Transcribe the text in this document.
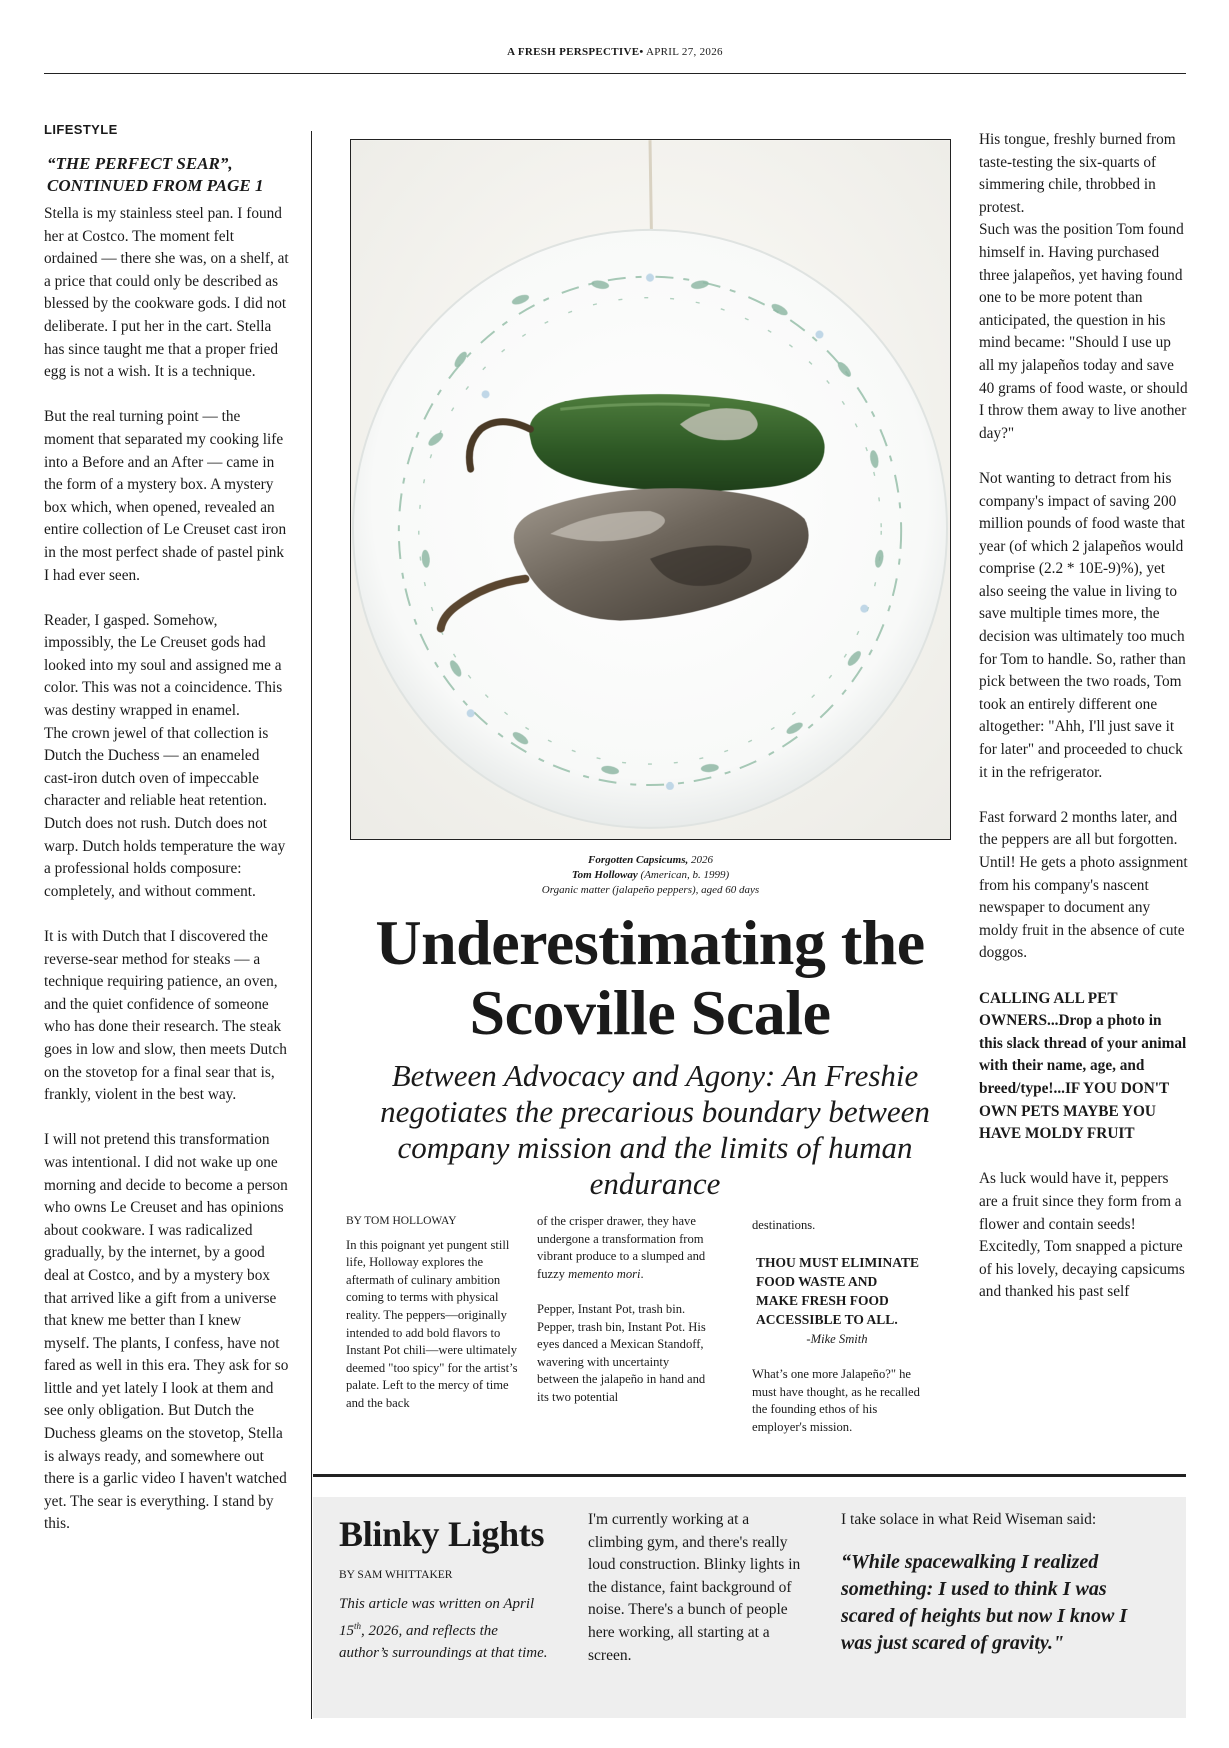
A FRESH PERSPECTIVE• APRIL 27, 2026
LIFESTYLE
“THE PERFECT SEAR”, CONTINUED FROM PAGE 1

Stella is my stainless steel pan. I found her at Costco. The moment felt ordained — there she was, on a shelf, at a price that could only be described as blessed by the cookware gods. I did not deliberate. I put her in the cart. Stella has since taught me that a proper fried egg is not a wish. It is a technique.

But the real turning point — the moment that separated my cooking life into a Before and an After — came in the form of a mystery box. A mystery box which, when opened, revealed an entire collection of Le Creuset cast iron in the most perfect shade of pastel pink I had ever seen.

Reader, I gasped. Somehow, impossibly, the Le Creuset gods had looked into my soul and assigned me a color. This was not a coincidence. This was destiny wrapped in enamel.

The crown jewel of that collection is Dutch the Duchess — an enameled cast-iron dutch oven of impeccable character and reliable heat retention. Dutch does not rush. Dutch does not warp. Dutch holds temperature the way a professional holds composure: completely, and without comment.

It is with Dutch that I discovered the reverse-sear method for steaks — a technique requiring patience, an oven, and the quiet confidence of someone who has done their research. The steak goes in low and slow, then meets Dutch on the stovetop for a final sear that is, frankly, violent in the best way.

I will not pretend this transformation was intentional. I did not wake up one morning and decide to become a person who owns Le Creuset and has opinions about cookware. I was radicalized gradually, by the internet, by a good deal at Costco, and by a mystery box that arrived like a gift from a universe that knew me better than I knew myself. The plants, I confess, have not fared as well in this era. They ask for so little and yet lately I look at them and see only obligation. But Dutch the Duchess gleams on the stovetop, Stella is always ready, and somewhere out there is a garlic video I haven't watched yet. The sear is everything. I stand by this.

Forgotten Capsicums, 2026
Tom Holloway (American, b. 1999)
Organic matter (jalapeño peppers), aged 60 days
Underestimating the Scoville Scale
Between Advocacy and Agony: An Freshie negotiates the precarious boundary between company mission and the limits of human endurance
BY TOM HOLLOWAY

In this poignant yet pungent still life, Holloway explores the aftermath of culinary ambition coming to terms with physical reality. The peppers—originally intended to add bold flavors to Instant Pot chili—were ultimately deemed "too spicy" for the artist’s palate. Left to the mercy of time and the back

of the crisper drawer, they have undergone a transformation from vibrant produce to a slumped and fuzzy memento mori.

Pepper, Instant Pot, trash bin. Pepper, trash bin, Instant Pot. His eyes danced a Mexican Standoff, wavering with uncertainty between the jalapeño in hand and its two potential

destinations.

THOU MUST ELIMINATE FOOD WASTE AND MAKE FRESH FOOD ACCESSIBLE TO ALL.
-Mike Smith

What’s one more Jalapeño?" he must have thought, as he recalled the founding ethos of his employer's mission.

His tongue, freshly burned from taste-testing the six-quarts of simmering chile, throbbed in protest.

Such was the position Tom found himself in. Having purchased three jalapeños, yet having found one to be more potent than anticipated, the question in his mind became: "Should I use up all my jalapeños today and save 40 grams of food waste, or should I throw them away to live another day?"

Not wanting to detract from his company's impact of saving 200 million pounds of food waste that year (of which 2 jalapeños would comprise (2.2 * 10E-9)%), yet also seeing the value in living to save multiple times more, the decision was ultimately too much for Tom to handle. So, rather than pick between the two roads, Tom took an entirely different one altogether: "Ahh, I'll just save it for later" and proceeded to chuck it in the refrigerator.

Fast forward 2 months later, and the peppers are all but forgotten. Until! He gets a photo assignment from his company's nascent newspaper to document any moldy fruit in the absence of cute doggos.

CALLING ALL PET OWNERS...Drop a photo in this slack thread of your animal with their name, age, and breed/type!...IF YOU DON'T OWN PETS MAYBE YOU HAVE MOLDY FRUIT

As luck would have it, peppers are a fruit since they form from a flower and contain seeds! Excitedly, Tom snapped a picture of his lovely, decaying capsicums and thanked his past self

Blinky Lights
BY SAM WHITTAKER
This article was written on April 15th, 2026, and reflects the author’s surroundings at that time.
I'm currently working at a climbing gym, and there's really loud construction. Blinky lights in the distance, faint background of noise. There's a bunch of people here working, all starting at a screen.
I take solace in what Reid Wiseman said:
“While spacewalking I realized something: I used to think I was scared of heights but now I know I was just scared of gravity."
